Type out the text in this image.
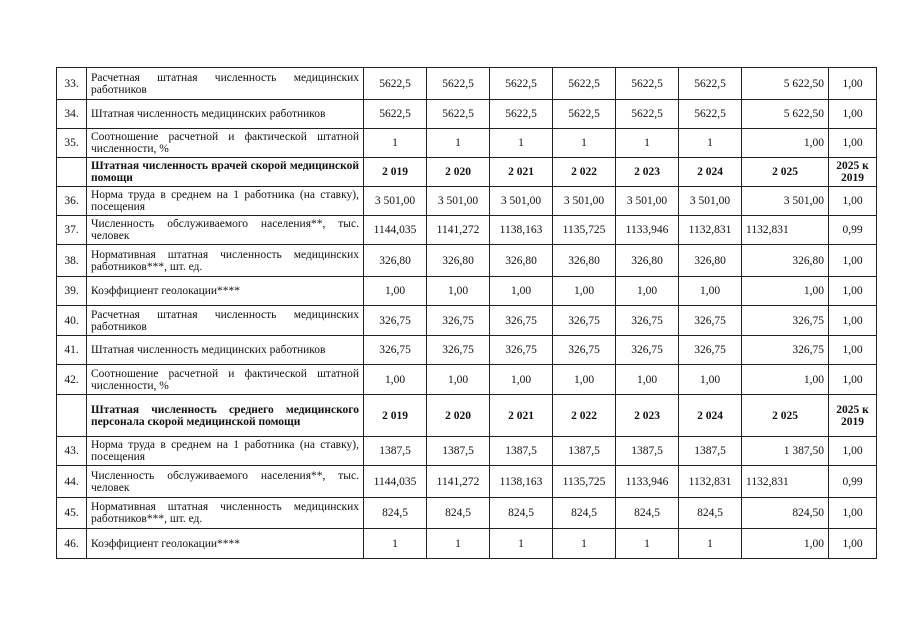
33.	Расчетная штатная численность медицинских работников	5622,5	5622,5	5622,5	5622,5	5622,5	5622,5	5 622,50	1,00
34.	Штатная численность медицинских работников	5622,5	5622,5	5622,5	5622,5	5622,5	5622,5	5 622,50	1,00
35.	Соотношение расчетной и фактической штатной численности, %	1	1	1	1	1	1	1,00	1,00
	Штатная численность врачей скорой медицинской помощи	2 019	2 020	2 021	2 022	2 023	2 024	2 025	2025 к 2019
36.	Норма труда в среднем на 1 работника (на ставку), посещения	3 501,00	3 501,00	3 501,00	3 501,00	3 501,00	3 501,00	3 501,00	1,00
37.	Численность обслуживаемого населения**, тыс. человек	1144,035	1141,272	1138,163	1135,725	1133,946	1132,831	1132,831	0,99
38.	Нормативная штатная численность медицинских работников***, шт. ед.	326,80	326,80	326,80	326,80	326,80	326,80	326,80	1,00
39.	Коэффициент геолокации****	1,00	1,00	1,00	1,00	1,00	1,00	1,00	1,00
40.	Расчетная штатная численность медицинских работников	326,75	326,75	326,75	326,75	326,75	326,75	326,75	1,00
41.	Штатная численность медицинских работников	326,75	326,75	326,75	326,75	326,75	326,75	326,75	1,00
42.	Соотношение расчетной и фактической штатной численности, %	1,00	1,00	1,00	1,00	1,00	1,00	1,00	1,00
	Штатная численность среднего медицинского персонала скорой медицинской помощи	2 019	2 020	2 021	2 022	2 023	2 024	2 025	2025 к 2019
43.	Норма труда в среднем на 1 работника (на ставку), посещения	1387,5	1387,5	1387,5	1387,5	1387,5	1387,5	1 387,50	1,00
44.	Численность обслуживаемого населения**, тыс. человек	1144,035	1141,272	1138,163	1135,725	1133,946	1132,831	1132,831	0,99
45.	Нормативная штатная численность медицинских работников***, шт. ед.	824,5	824,5	824,5	824,5	824,5	824,5	824,50	1,00
46.	Коэффициент геолокации****	1	1	1	1	1	1	1,00	1,00
